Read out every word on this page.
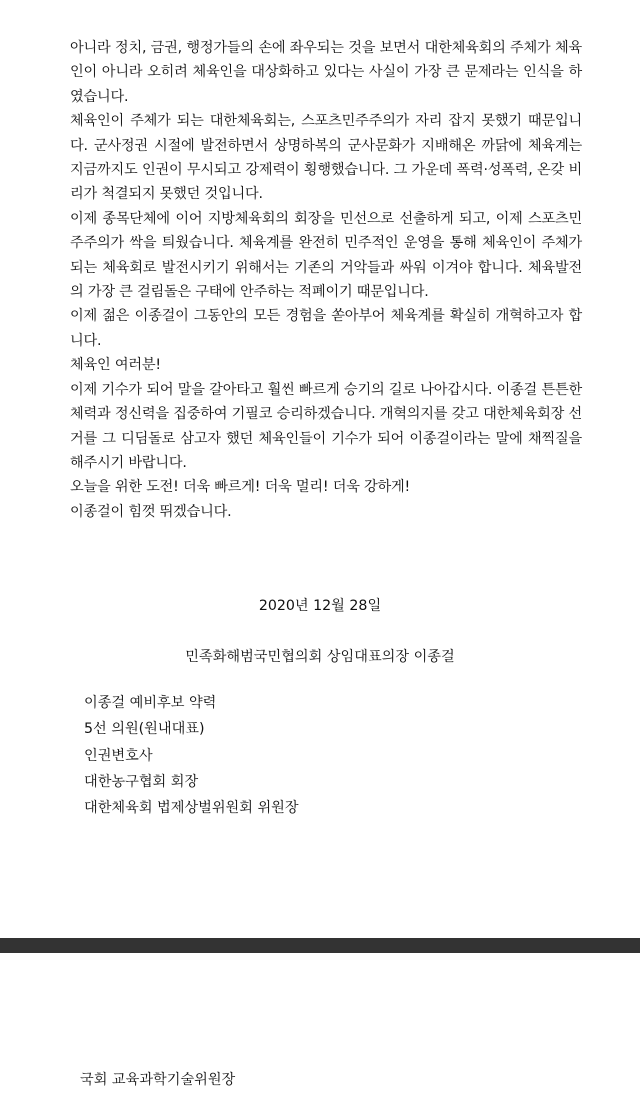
아니라 정치, 금권, 행정가들의 손에 좌우되는 것을 보면서 대한체육회의 주체가 체육인이 아니라 오히려 체육인을 대상화하고 있다는 사실이 가장 큰 문제라는 인식을 하였습니다.

체육인이 주체가 되는 대한체육회는, 스포츠민주주의가 자리 잡지 못했기 때문입니다. 군사정권 시절에 발전하면서 상명하복의 군사문화가 지배해온 까닭에 체육계는 지금까지도 인권이 무시되고 강제력이 횡행했습니다. 그 가운데 폭력·성폭력, 온갖 비리가 척결되지 못했던 것입니다.

이제 종목단체에 이어 지방체육회의 회장을 민선으로 선출하게 되고, 이제 스포츠민주주의가 싹을 틔웠습니다. 체육계를 완전히 민주적인 운영을 통해 체육인이 주체가 되는 체육회로 발전시키기 위해서는 기존의 거악들과 싸워 이겨야 합니다. 체육발전의 가장 큰 걸림돌은 구태에 안주하는 적폐이기 때문입니다.

이제 젊은 이종걸이 그동안의 모든 경험을 쏟아부어 체육계를 확실히 개혁하고자 합니다.

체육인 여러분!

이제 기수가 되어 말을 갈아타고 훨씬 빠르게 승기의 길로 나아갑시다. 이종걸 튼튼한 체력과 정신력을 집중하여 기필코 승리하겠습니다. 개혁의지를 갖고 대한체육회장 선거를 그 디딤돌로 삼고자 했던 체육인들이 기수가 되어 이종걸이라는 말에 채찍질을 해주시기 바랍니다.

오늘을 위한 도전! 더욱 빠르게! 더욱 멀리! 더욱 강하게!

이종걸이 힘껏 뛰겠습니다.

2020년 12월 28일
민족화해범국민협의회 상임대표의장 이종걸
이종걸 예비후보 약력
5선 의원(원내대표)
인권변호사
대한농구협회 회장
대한체육회 법제상벌위원회 위원장
국회 교육과학기술위원장
